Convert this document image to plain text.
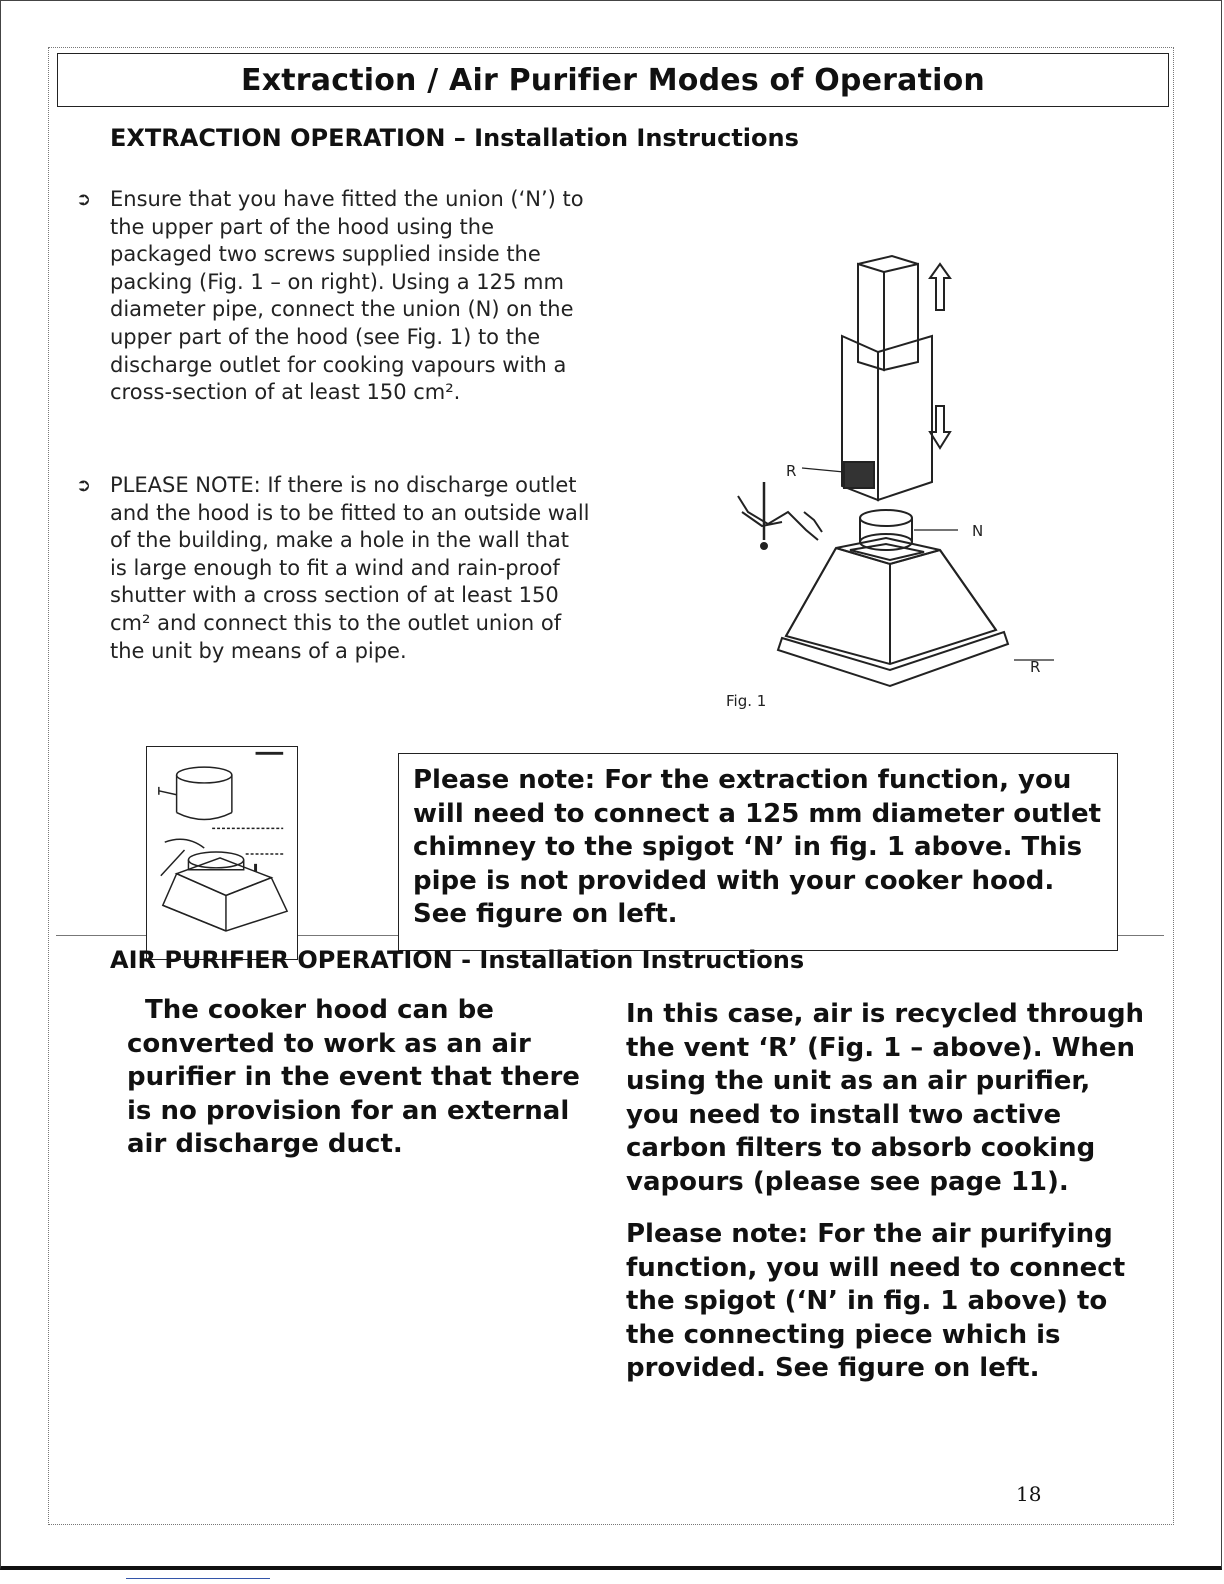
Extraction / Air Purifier Modes of Operation
EXTRACTION OPERATION – Installation Instructions
➲ Ensure that you have fitted the union (‘N’) to the upper part of the hood using the packaged two screws supplied inside the packing (Fig. 1 – on right). Using a 125 mm diameter pipe, connect the union (N) on the upper part of the hood (see Fig. 1) to the discharge outlet for cooking vapours with a cross-section of at least 150 cm².
➲ PLEASE NOTE: If there is no discharge outlet and the hood is to be fitted to an outside wall of the building, make a hole in the wall that is large enough to fit a wind and rain-proof shutter with a cross section of at least 150 cm² and connect this to the outlet union of the unit by means of a pipe.
R
N
R
Fig. 1
Please note: For the extraction function, you will need to connect a 125 mm diameter outlet chimney to the spigot ‘N’ in fig. 1 above. This pipe is not provided with your cooker hood. See figure on left.
AIR PURIFIER OPERATION - Installation Instructions
The cooker hood can be converted to work as an air purifier in the event that there is no provision for an external air discharge duct.
In this case, air is recycled through the vent ‘R’ (Fig. 1 – above). When using the unit as an air purifier, you need to install two active carbon filters to absorb cooking vapours (please see page 11).
Please note: For the air purifying function, you will need to connect the spigot (‘N’ in fig. 1 above) to the connecting piece which is provided. See figure on left.
18
